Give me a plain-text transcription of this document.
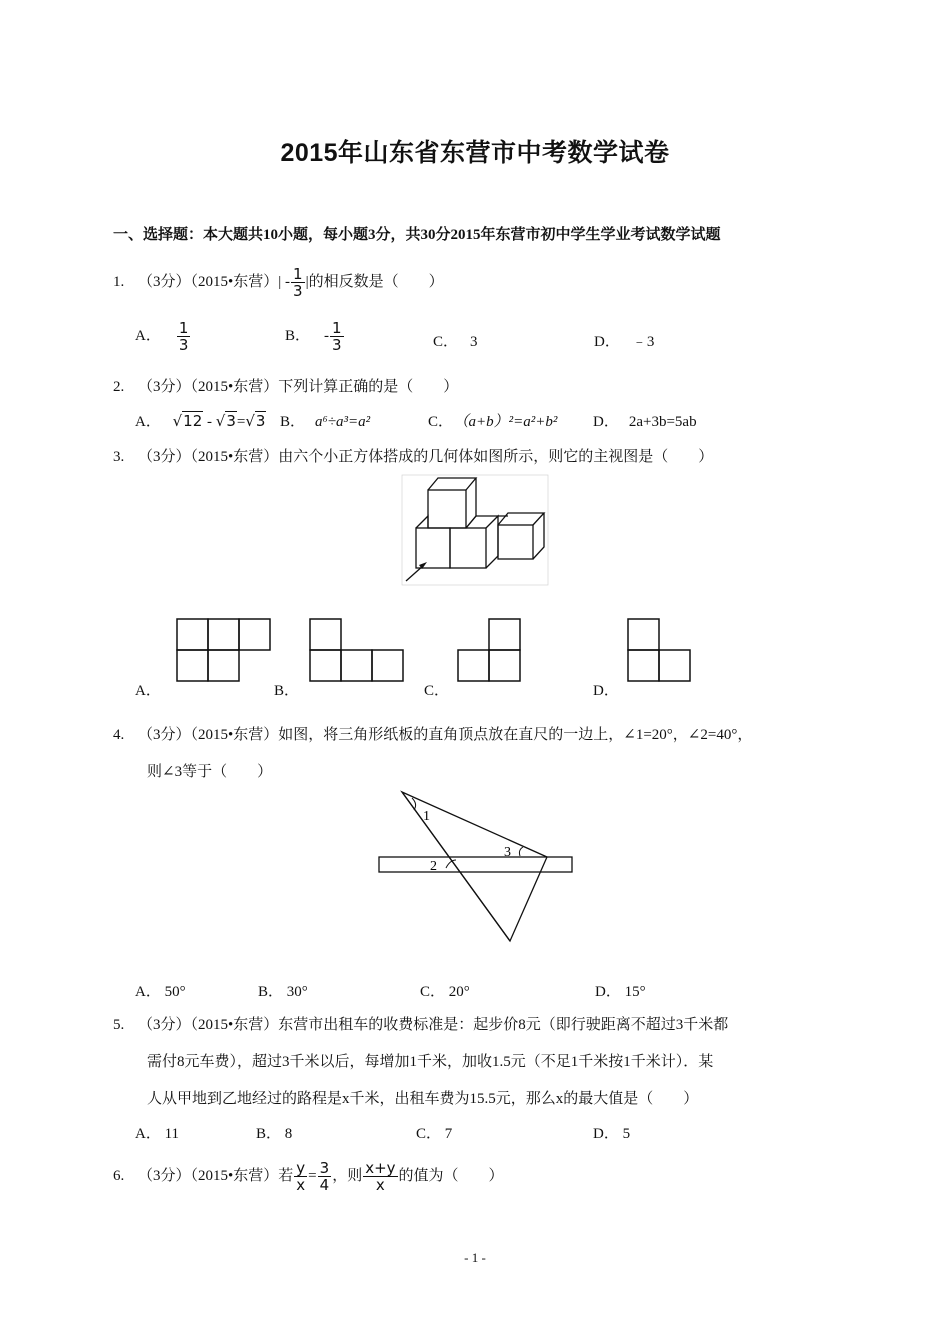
2015年山东省东营市中考数学试卷
一、选择题：本大题共10小题，每小题3分，共30分2015年东营市初中学生学业考试数学试题
1. （3分）（2015•东营）| - $\frac{1}{3}$ |的相反数是（　　）
A． $\frac{1}{3}$	B． - $\frac{1}{3}$	C． 3	D． ﹣3
2. （3分）（2015•东营）下列计算正确的是（　　）
A． √12 - √3=√3 B． a⁶÷a³=a²	C． （a+b）²=a²+b² D． 2a+3b=5ab
3. （3分）（2015•东营）由六个小正方体搭成的几何体如图所示，则它的主视图是（　　）
A．	B．	C．	D．
4. （3分）（2015•东营）如图，将三角形纸板的直角顶点放在直尺的一边上，∠1=20°，∠2=40°，
则∠3等于（　　）
1
2
3
A． 50°	B． 30°	C． 20°	D． 15°
5. （3分）（2015•东营）东营市出租车的收费标准是：起步价8元（即行驶距离不超过3千米都
需付8元车费），超过3千米以后，每增加1千米，加收1.5元（不足1千米按1千米计）．某
人从甲地到乙地经过的路程是x千米，出租车费为15.5元，那么x的最大值是（　　）
A． 11	B． 8	C． 7	D． 5
6. （3分）（2015•东营）若 $\frac{y}{x} = \frac{3}{4}$ ，则 $\frac{x+y}{x}$ 的值为（　　）
- 1 -
